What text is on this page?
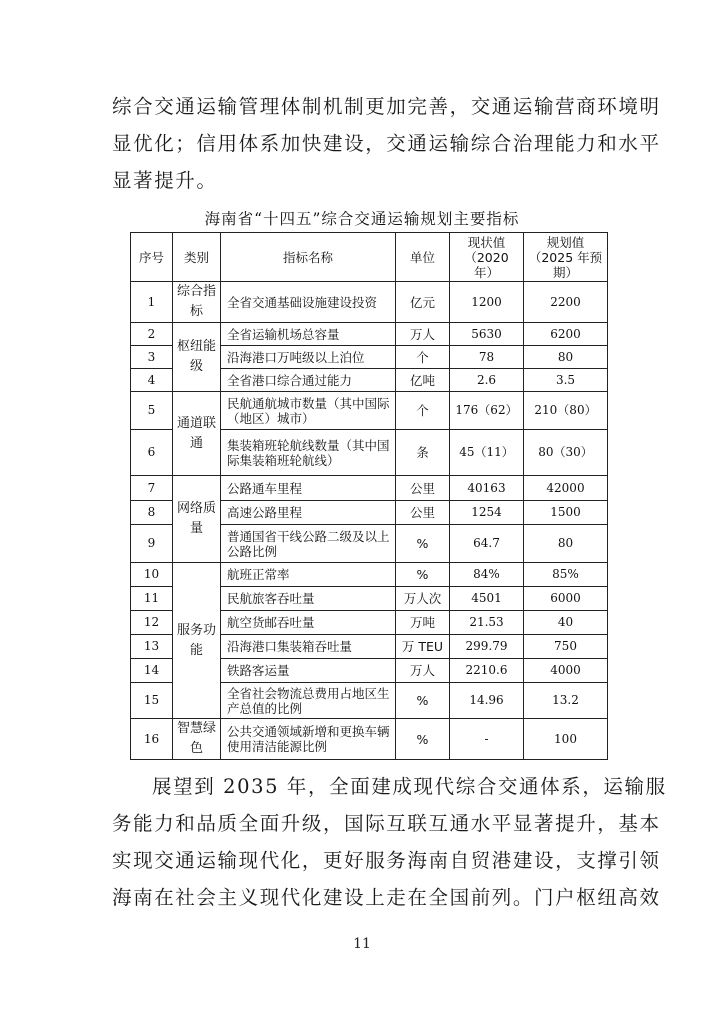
综合交通运输管理体制机制更加完善，交通运输营商环境明
显优化；信用体系加快建设，交通运输综合治理能力和水平
显著提升。
海南省“十四五”综合交通运输规划主要指标
序号	类别	指标名称	单位	现状值（2020 年）	规划值（2025 年预期）
1	综合指标	全省交通基础设施建设投资	亿元	1200	2200
2	枢纽能级	全省运输机场总容量	万人	5630	6200
3		沿海港口万吨级以上泊位	个	78	80
4		全省港口综合通过能力	亿吨	2.6	3.5
5	通道联通	民航通航城市数量（其中国际（地区）城市）	个	176（62）	210（80）
6		集装箱班轮航线数量（其中国际集装箱班轮航线）	条	45（11）	80（30）
7	网络质量	公路通车里程	公里	40163	42000
8		高速公路里程	公里	1254	1500
9		普通国省干线公路二级及以上公路比例	%	64.7	80
10	服务功能	航班正常率	%	84%	85%
11		民航旅客吞吐量	万人次	4501	6000
12		航空货邮吞吐量	万吨	21.53	40
13		沿海港口集装箱吞吐量	万 TEU	299.79	750
14		铁路客运量	万人	2210.6	4000
15		全省社会物流总费用占地区生产总值的比例	%	14.96	13.2
16	智慧绿色	公共交通领域新增和更换车辆使用清洁能源比例	%	-	100
展望到 2035 年，全面建成现代综合交通体系，运输服
务能力和品质全面升级，国际互联互通水平显著提升，基本
实现交通运输现代化，更好服务海南自贸港建设，支撑引领
海南在社会主义现代化建设上走在全国前列。门户枢纽高效
11
